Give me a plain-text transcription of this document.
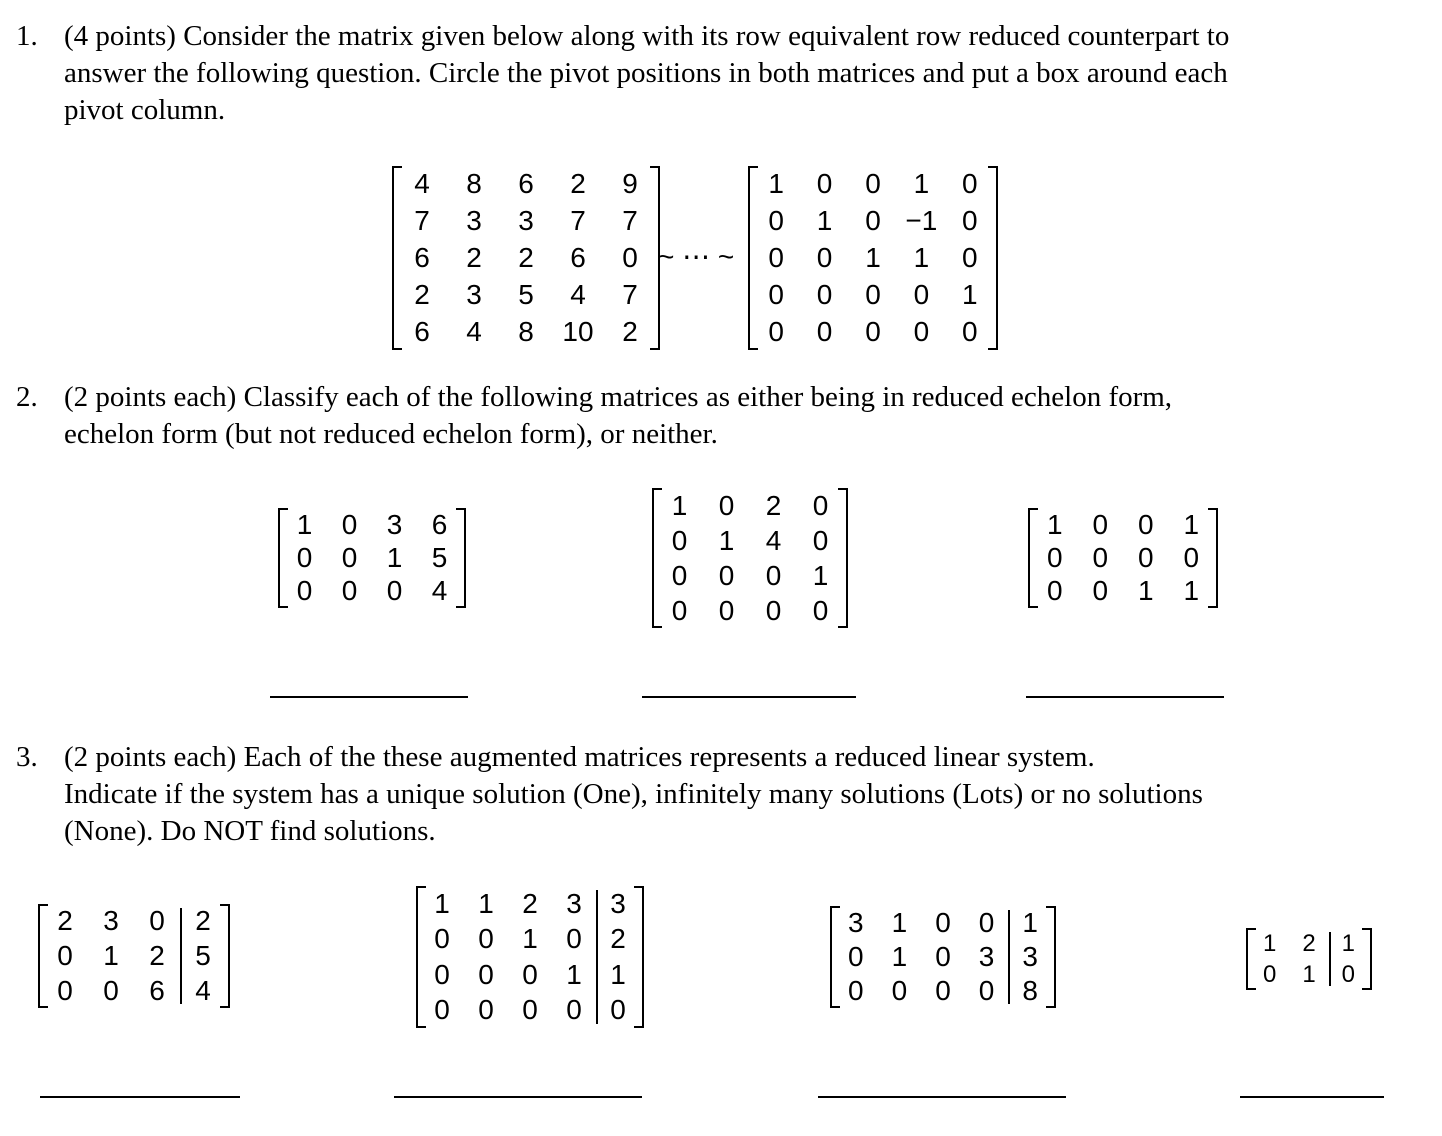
1. (4 points) Consider the matrix given below along with its row equivalent row reduced counterpart to
answer the following question. Circle the pivot positions in both matrices and put a box around each
pivot column.
4	8	6	2	9
7	3	3	7	7
6	2	2	6	0
2	3	5	4	7
6	4	8	10	2
~ ⋯ ~
1	0	0	1	0
0	1	0 −1 0
0	0	1	1	0
0	0	0	0	1
0	0	0	0	0
2. (2 points each) Classify each of the following matrices as either being in reduced echelon form,
echelon form (but not reduced echelon form), or neither.
1	0	3	6
0	0	1	5
0	0	0	4
1	0	2	0
0	1	4	0
0	0	0	1
0	0	0	0
1	0	0	1
0	0	0	0
0	0	1	1
3. (2 points each) Each of the these augmented matrices represents a reduced linear system.
Indicate if the system has a unique solution (One), infinitely many solutions (Lots) or no solutions
(None). Do NOT find solutions.
2	3	0	2
0	1	2	5
0	0	6	4
1	1	2	3	3
0	0	1	0	2
0	0	0	1	1
0	0	0	0	0
3	1	0	0	1
0	1	0	3	3
0	0	0	0	8
1	2	1
0	1	0
